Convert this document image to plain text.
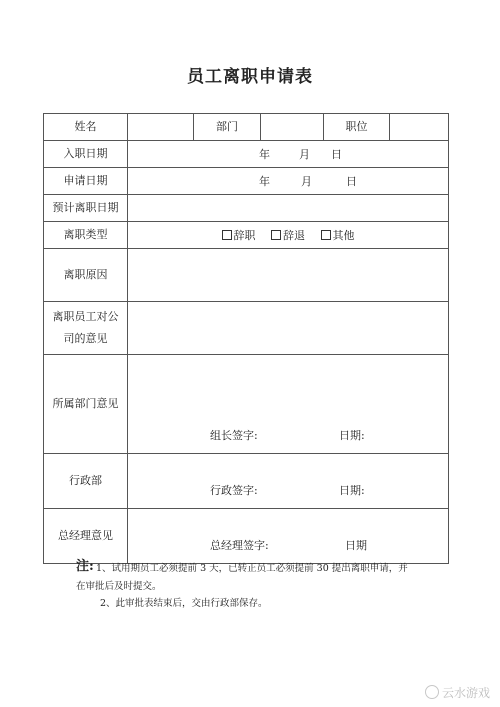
员工离职申请表
姓名		部门		职位	
入职日期	年 月 日				

申请日期	年 月 日				

预计离职日期					
离职类型	辞职 辞退 其他				
离职原因					

离职员工对公
司的意见					

所属部门意见	组长签字: 日期:				

行政部	行政签字: 日期:				

总经理意见	总经理签字: 日期				
注: 1、试用期员工必须提前 3 天，已转正员工必须提前 30 提出离职申请，并
在审批后及时提交。
2、此审批表结束后，交由行政部保存。
云水游戏
